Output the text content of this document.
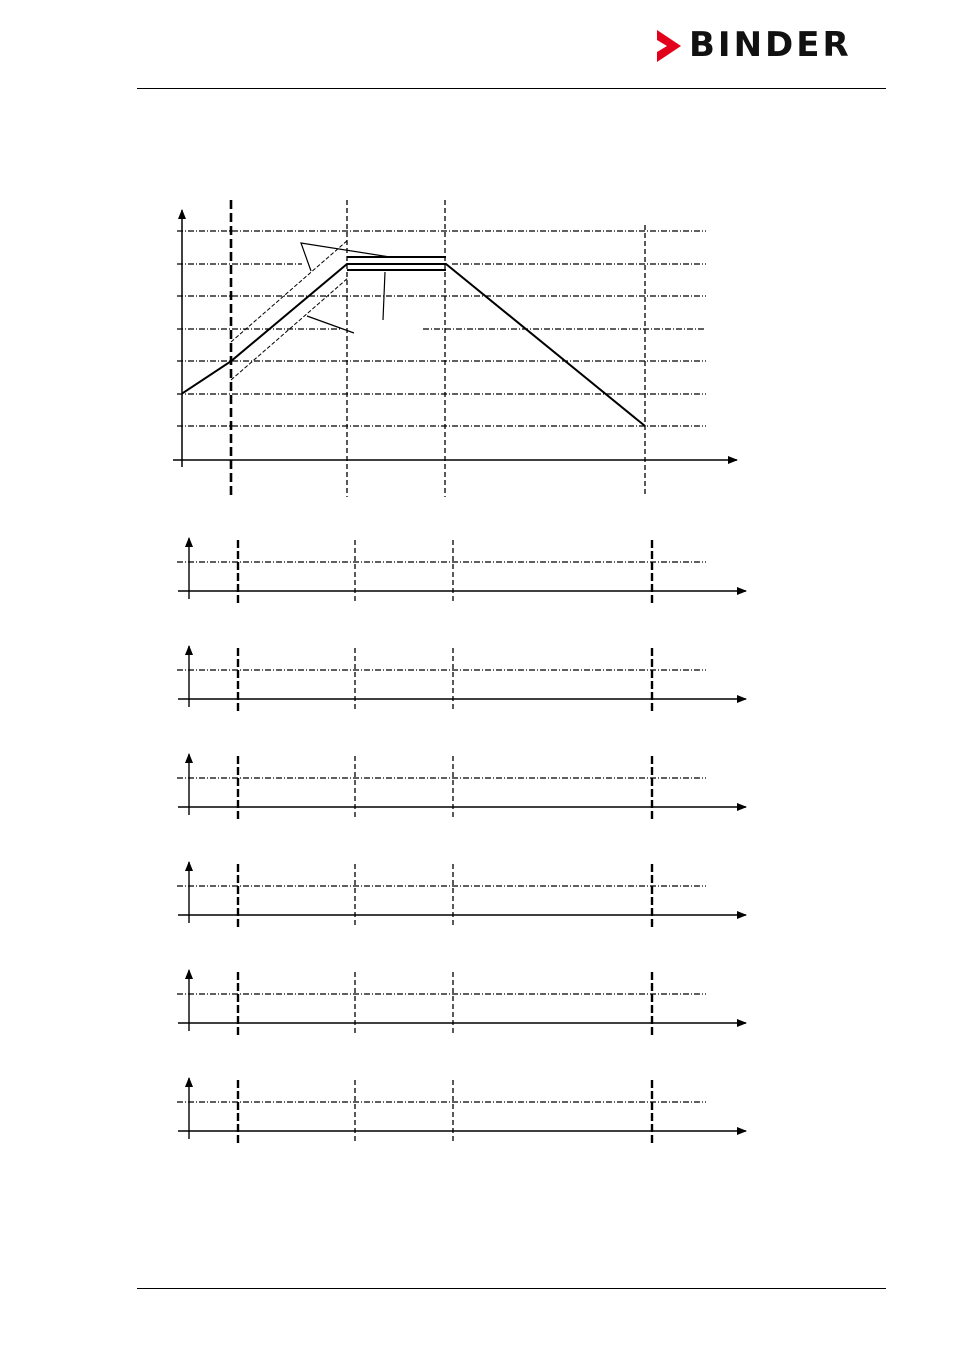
BINDER
